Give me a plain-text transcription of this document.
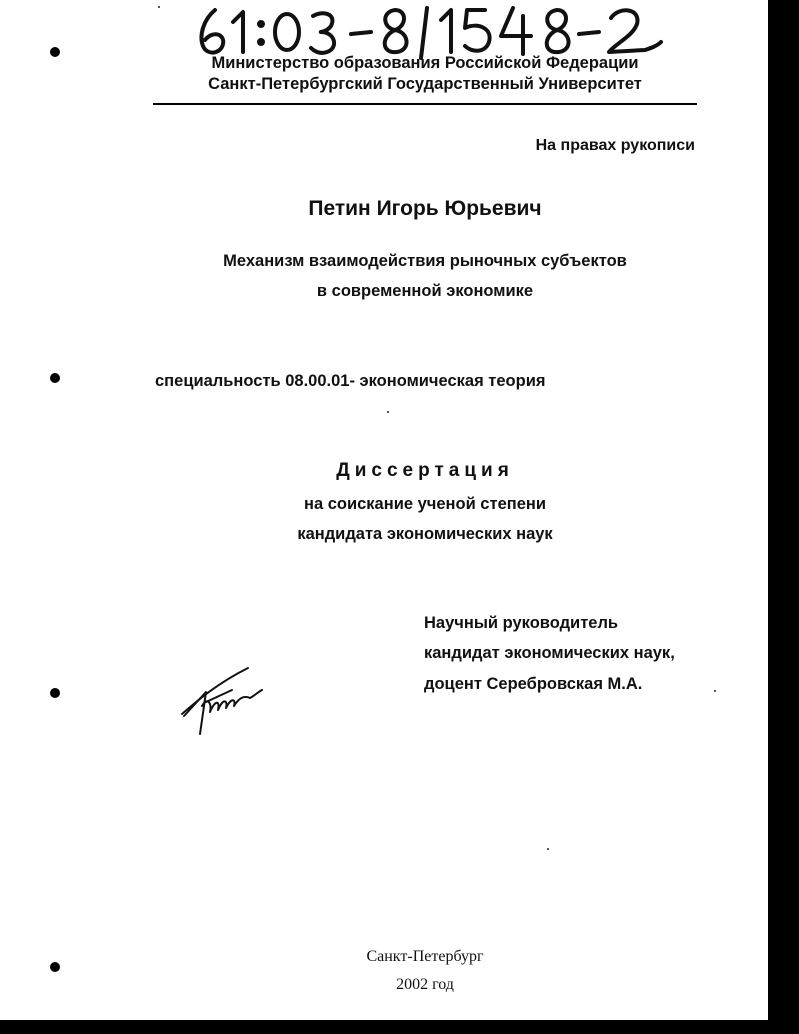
Министерство образования Российской Федерации
Санкт-Петербургский Государственный Университет
На правах рукописи
Петин Игорь Юрьевич
Механизм взаимодействия рыночных субъектов
в современной экономике
специальность 08.00.01- экономическая теория
Диссертация
на соискание ученой степени
кандидата экономических наук
Научный руководитель
кандидат экономических наук,
доцент Серебровская М.А.
Санкт-Петербург
2002 год
